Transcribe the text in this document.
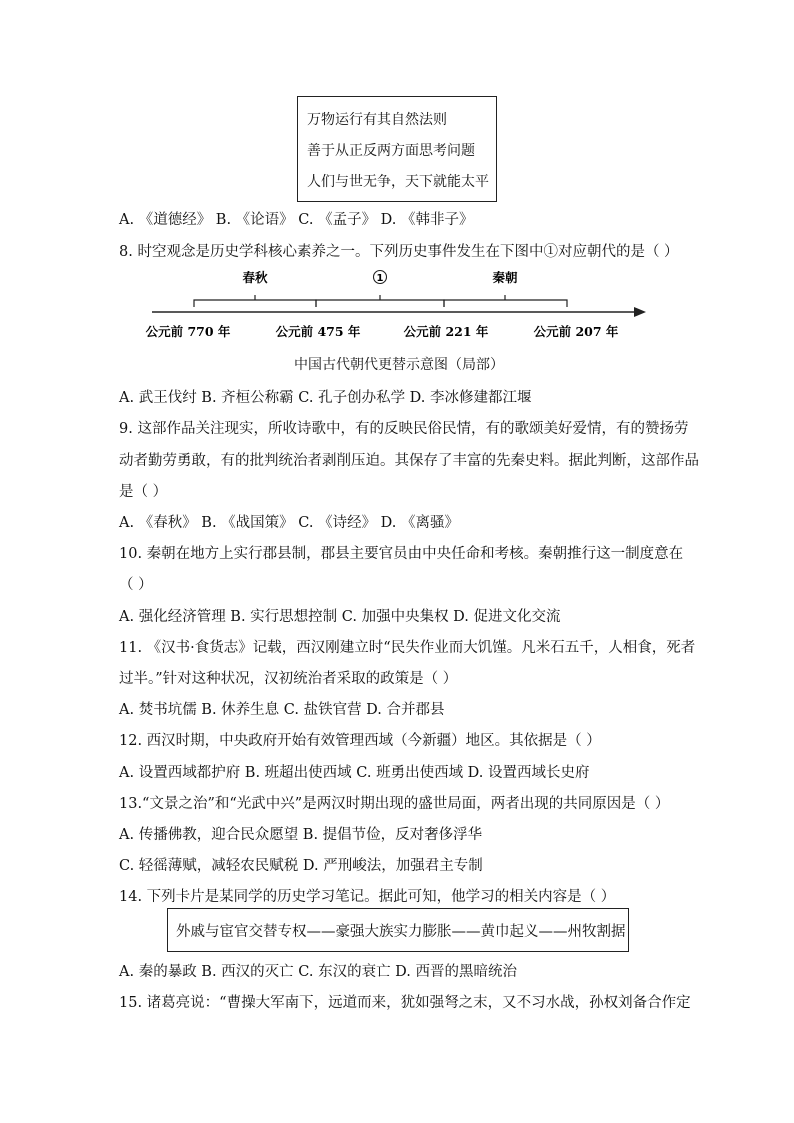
万物运行有其自然法则
善于从正反两方面思考问题
人们与世无争，天下就能太平
A. 《道德经》 B. 《论语》 C. 《孟子》 D. 《韩非子》
8. 时空观念是历史学科核心素养之一。下列历史事件发生在下图中①对应朝代的是（ ）
春秋	1	秦朝
公元前 770 年	公元前 475 年	公元前 221 年	公元前 207 年
中国古代朝代更替示意图（局部）
A. 武王伐纣 B. 齐桓公称霸 C. 孔子创办私学 D. 李冰修建都江堰
9. 这部作品关注现实，所收诗歌中，有的反映民俗民情，有的歌颂美好爱情，有的赞扬劳
动者勤劳勇敢，有的批判统治者剥削压迫。其保存了丰富的先秦史料。据此判断，这部作品
是（ ）
A. 《春秋》 B. 《战国策》 C. 《诗经》 D. 《离骚》
10. 秦朝在地方上实行郡县制，郡县主要官员由中央任命和考核。秦朝推行这一制度意在
（ ）
A. 强化经济管理 B. 实行思想控制 C. 加强中央集权 D. 促进文化交流
11. 《汉书·食货志》记载，西汉刚建立时“民失作业而大饥馑。凡米石五千，人相食，死者
过半。”针对这种状况，汉初统治者采取的政策是（ ）
A. 焚书坑儒 B. 休养生息 C. 盐铁官营 D. 合并郡县
12. 西汉时期，中央政府开始有效管理西域（今新疆）地区。其依据是（ ）
A. 设置西域都护府 B. 班超出使西域 C. 班勇出使西域 D. 设置西域长史府
13.“文景之治”和“光武中兴”是两汉时期出现的盛世局面，两者出现的共同原因是（ ）
A. 传播佛教，迎合民众愿望 B. 提倡节俭，反对奢侈浮华
C. 轻徭薄赋，减轻农民赋税 D. 严刑峻法，加强君主专制
14. 下列卡片是某同学的历史学习笔记。据此可知，他学习的相关内容是（ ）
外戚与宦官交替专权——豪强大族实力膨胀——黄巾起义——州牧割据
A. 秦的暴政 B. 西汉的灭亡 C. 东汉的衰亡 D. 西晋的黑暗统治
15. 诸葛亮说：“曹操大军南下，远道而来，犹如强弩之末，又不习水战，孙权刘备合作定
